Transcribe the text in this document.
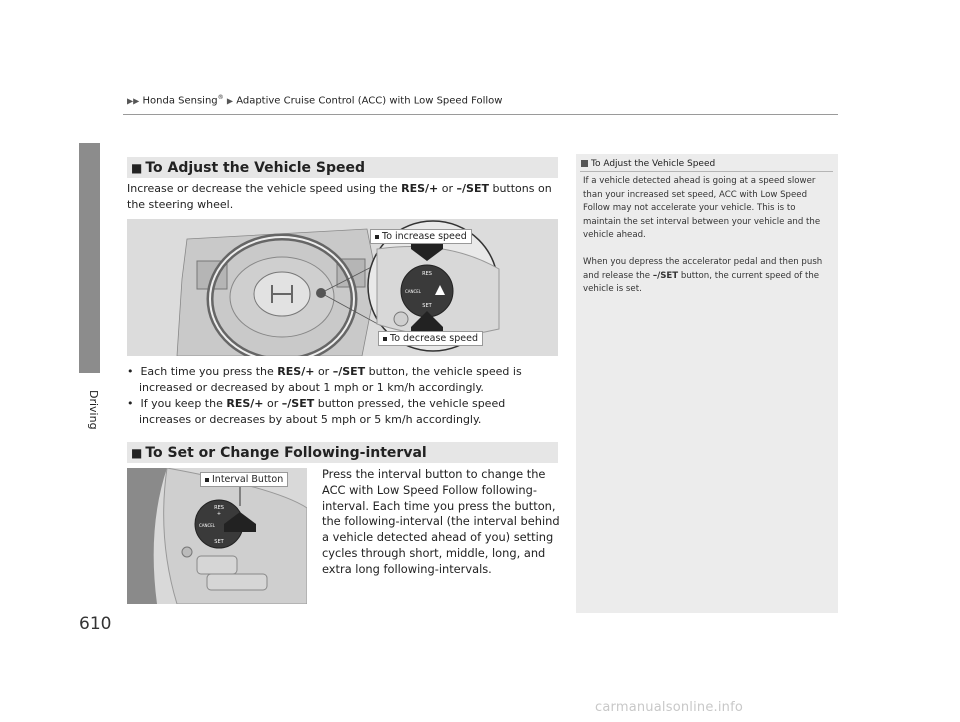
▶▶ Honda Sensing® ▶ Adaptive Cruise Control (ACC) with Low Speed Follow
Driving
■ To Adjust the Vehicle Speed
Increase or decrease the vehicle speed using the RES/+ or –/SET buttons on the steering wheel.
RES
CANCEL
SET
To increase speed
To decrease speed
•  Each time you press the RES/+ or –/SET button, the vehicle speed is increased or decreased by about 1 mph or 1 km/h accordingly.
•  If you keep the RES/+ or –/SET button pressed, the vehicle speed increases or decreases by about 5 mph or 5 km/h accordingly.
■ To Set or Change Following-interval
RES
+
CANCEL
SET
Interval Button	Press the interval button to change the ACC with Low Speed Follow following-interval. Each time you press the button, the following-interval (the interval behind a vehicle detected ahead of you) setting cycles through short, middle, long, and extra long following-intervals.
To Adjust the Vehicle Speed
If a vehicle detected ahead is going at a speed slower than your increased set speed, ACC with Low Speed Follow may not accelerate your vehicle. This is to maintain the set interval between your vehicle and the vehicle ahead.
When you depress the accelerator pedal and then push and release the –/SET button, the current speed of the vehicle is set.
610
carmanualsonline.info
